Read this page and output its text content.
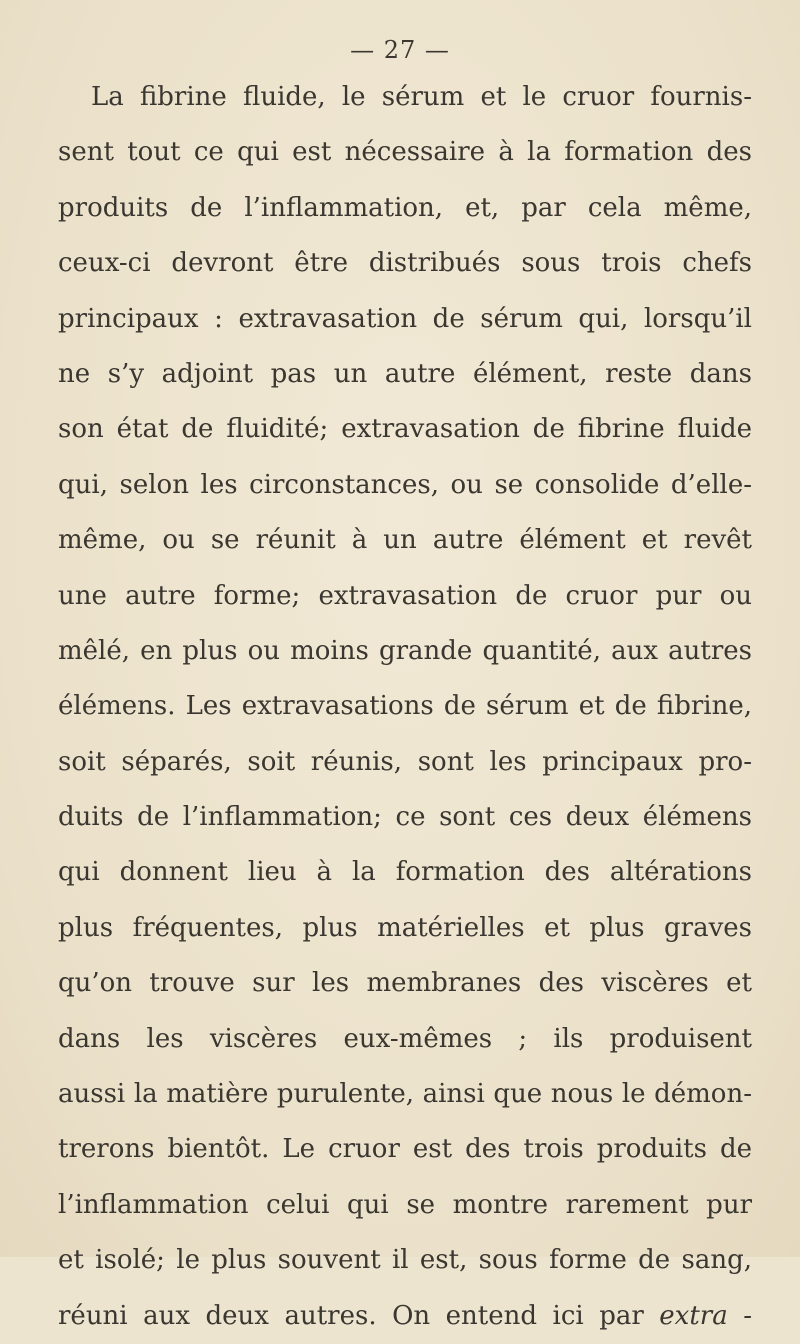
— 27 —
La fibrine fluide, le sérum et le cruor fournis-
sent tout ce qui est nécessaire à la formation des
produits de l’inflammation, et, par cela même,
ceux-ci devront être distribués sous trois chefs
principaux : extravasation de sérum qui, lorsqu’il
ne s’y adjoint pas un autre élément, reste dans
son état de fluidité; extravasation de fibrine fluide
qui, selon les circonstances, ou se consolide d’elle-
même, ou se réunit à un autre élément et revêt
une autre forme; extravasation de cruor pur ou
mêlé, en plus ou moins grande quantité, aux autres
élémens. Les extravasations de sérum et de fibrine,
soit séparés, soit réunis, sont les principaux pro-
duits de l’inflammation; ce sont ces deux élémens
qui donnent lieu à la formation des altérations
plus fréquentes, plus matérielles et plus graves
qu’on trouve sur les membranes des viscères et
dans les viscères eux-mêmes ; ils produisent
aussi la matière purulente, ainsi que nous le démon-
trerons bientôt. Le cruor est des trois produits de
l’inflammation celui qui se montre rarement pur
et isolé; le plus souvent il est, sous forme de sang,
réuni aux deux autres. On entend ici par extra -
